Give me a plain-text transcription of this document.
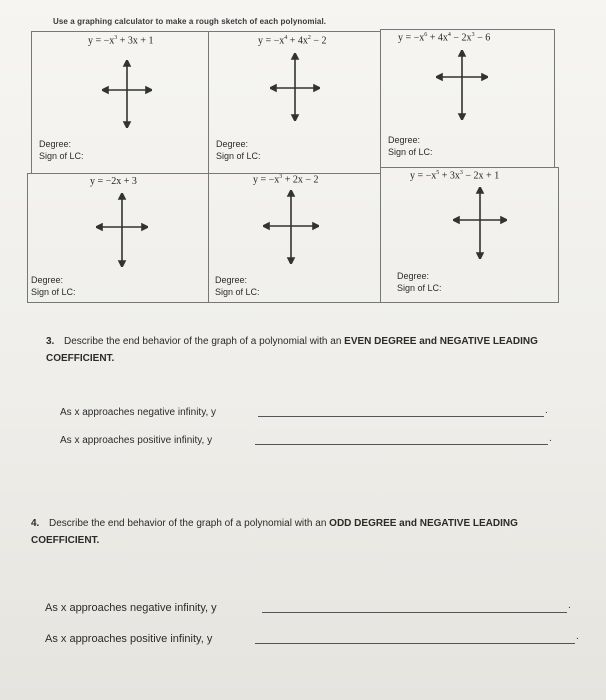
Use a graphing calculator to make a rough sketch of each polynomial.
$y = -x^3 + 3x + 1$	$y = -x^4 + 4x^2 - 2$	$y = -x^6 + 4x^4 - 2x^3 - 6$
y = −2x + 3	$y = -x^3 + 2x - 2$	$y = -x^5 + 3x^3 - 2x + 1$
Degree:
Sign of LC:
Degree:
Sign of LC:
Degree:
Sign of LC:
Degree:
Sign of LC:
Degree:
Sign of LC:
Degree:
Sign of LC:
3. Describe the end behavior of the graph of a polynomial with an EVEN DEGREE and NEGATIVE LEADING COEFFICIENT.
As x approaches negative infinity, y	.
As x approaches positive infinity, y	.
4. Describe the end behavior of the graph of a polynomial with an ODD DEGREE and NEGATIVE LEADING COEFFICIENT.
As x approaches negative infinity, y	.
As x approaches positive infinity, y	.
